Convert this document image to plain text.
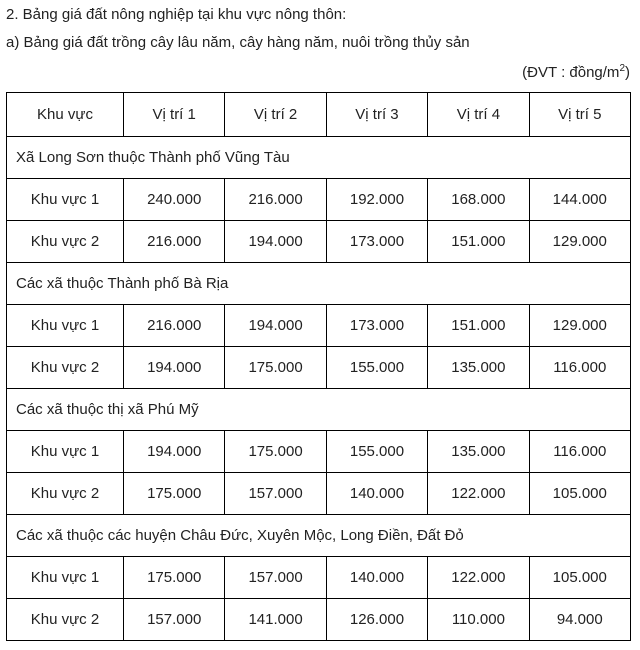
2. Bảng giá đất nông nghiệp tại khu vực nông thôn:
a) Bảng giá đất trồng cây lâu năm, cây hàng năm, nuôi trồng thủy sản
(ĐVT : đồng/$m^2$)
Khu vực	Vị trí 1	Vị trí 2	Vị trí 3	Vị trí 4	Vị trí 5
Xã Long Sơn thuộc Thành phố Vũng Tàu					
Khu vực 1	240.000	216.000	192.000	168.000	144.000
Khu vực 2	216.000	194.000	173.000	151.000	129.000
Các xã thuộc Thành phố Bà Rịa					
Khu vực 1	216.000	194.000	173.000	151.000	129.000
Khu vực 2	194.000	175.000	155.000	135.000	116.000
Các xã thuộc thị xã Phú Mỹ					
Khu vực 1	194.000	175.000	155.000	135.000	116.000
Khu vực 2	175.000	157.000	140.000	122.000	105.000
Các xã thuộc các huyện Châu Đức, Xuyên Mộc, Long Điền, Đất Đỏ					
Khu vực 1	175.000	157.000	140.000	122.000	105.000
Khu vực 2	157.000	141.000	126.000	110.000	94.000
